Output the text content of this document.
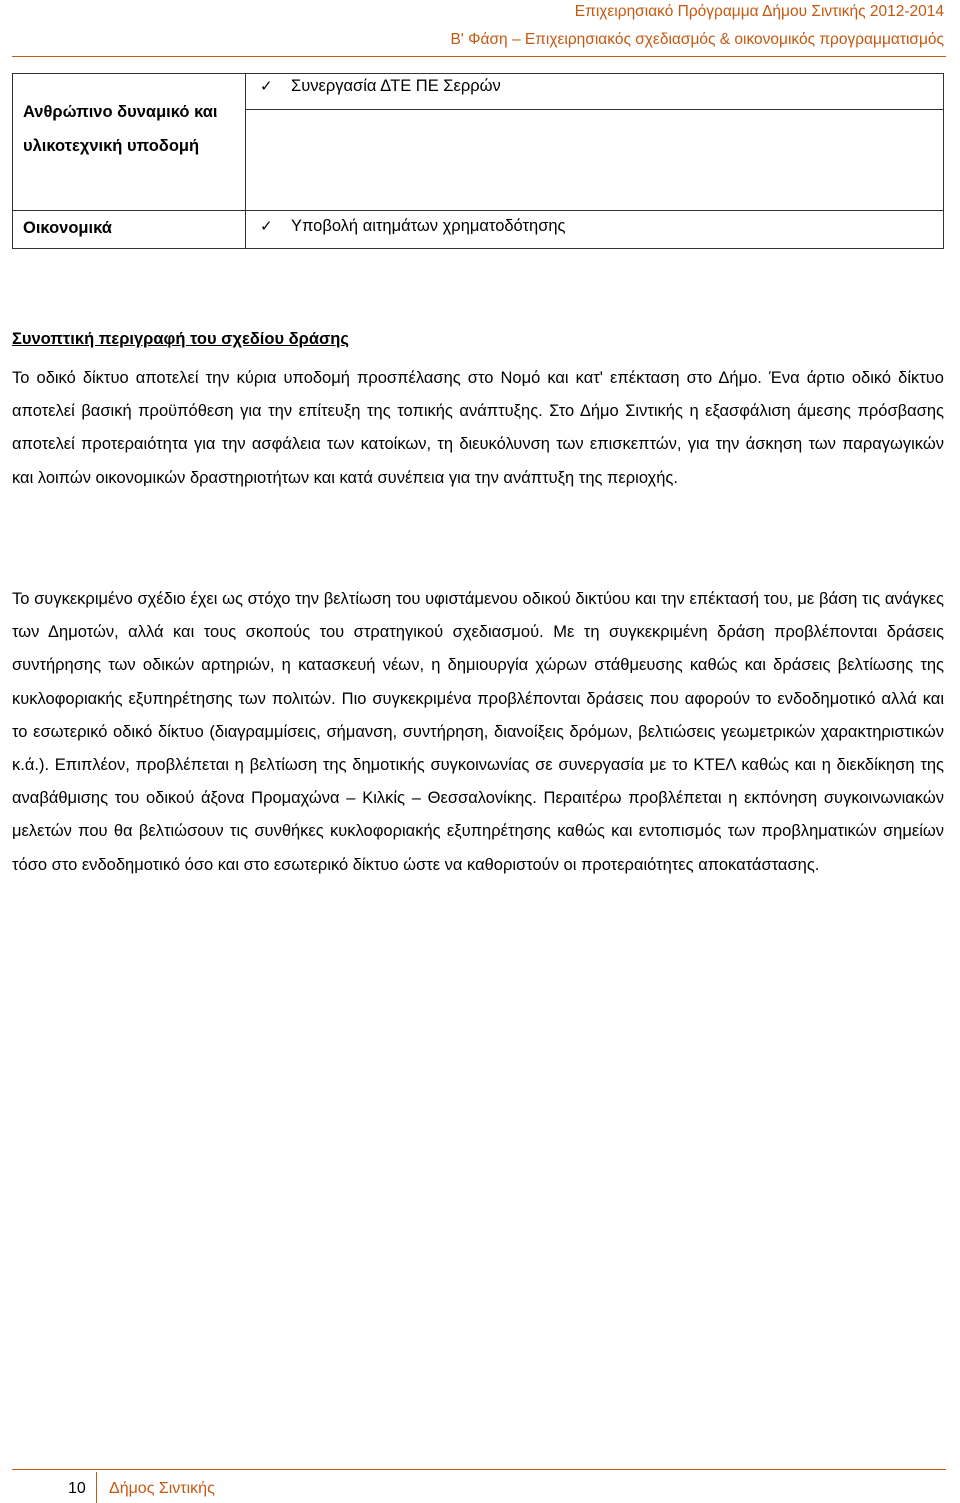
Επιχειρησιακό Πρόγραμμα Δήμου Σιντικής 2012-2014
Β' Φάση – Επιχειρησιακός σχεδιασμός & οικονομικός προγραμματισμός
Ανθρώπινο δυναμικό και υλικοτεχνική υποδομή	✓ Συνεργασία ΔΤΕ ΠΕ Σερρών

Οικονομικά	✓ Υποβολή αιτημάτων χρηματοδότησης
Συνοπτική περιγραφή του σχεδίου δράσης
Το οδικό δίκτυο αποτελεί την κύρια υποδομή προσπέλασης στο Νομό και κατ' επέκταση στο Δήμο. Ένα άρτιο οδικό δίκτυο αποτελεί βασική προϋπόθεση για την επίτευξη της τοπικής ανάπτυξης. Στο Δήμο Σιντικής η εξασφάλιση άμεσης πρόσβασης αποτελεί προτεραιότητα για την ασφάλεια των κατοίκων, τη διευκόλυνση των επισκεπτών, για την άσκηση των παραγωγικών και λοιπών οικονομικών δραστηριοτήτων και κατά συνέπεια για την ανάπτυξη της περιοχής.
Το συγκεκριμένο σχέδιο έχει ως στόχο την βελτίωση του υφιστάμενου οδικού δικτύου και την επέκτασή του, με βάση τις ανάγκες των Δημοτών, αλλά και τους σκοπούς του στρατηγικού σχεδιασμού. Με τη συγκεκριμένη δράση προβλέπονται δράσεις συντήρησης των οδικών αρτηριών, η κατασκευή νέων, η δημιουργία χώρων στάθμευσης καθώς και δράσεις βελτίωσης της κυκλοφοριακής εξυπηρέτησης των πολιτών. Πιο συγκεκριμένα προβλέπονται δράσεις που αφορούν το ενδοδημοτικό αλλά και το εσωτερικό οδικό δίκτυο (διαγραμμίσεις, σήμανση, συντήρηση, διανοίξεις δρόμων, βελτιώσεις γεωμετρικών χαρακτηριστικών κ.ά.). Επιπλέον, προβλέπεται η βελτίωση της δημοτικής συγκοινωνίας σε συνεργασία με το ΚΤΕΛ καθώς και η διεκδίκηση της αναβάθμισης του οδικού άξονα Προμαχώνα – Κιλκίς – Θεσσαλονίκης. Περαιτέρω προβλέπεται η εκπόνηση συγκοινωνιακών μελετών που θα βελτιώσουν τις συνθήκες κυκλοφοριακής εξυπηρέτησης καθώς και εντοπισμός των προβληματικών σημείων τόσο στο ενδοδημοτικό όσο και στο εσωτερικό δίκτυο ώστε να καθοριστούν οι προτεραιότητες αποκατάστασης.
10 Δήμος Σιντικής
